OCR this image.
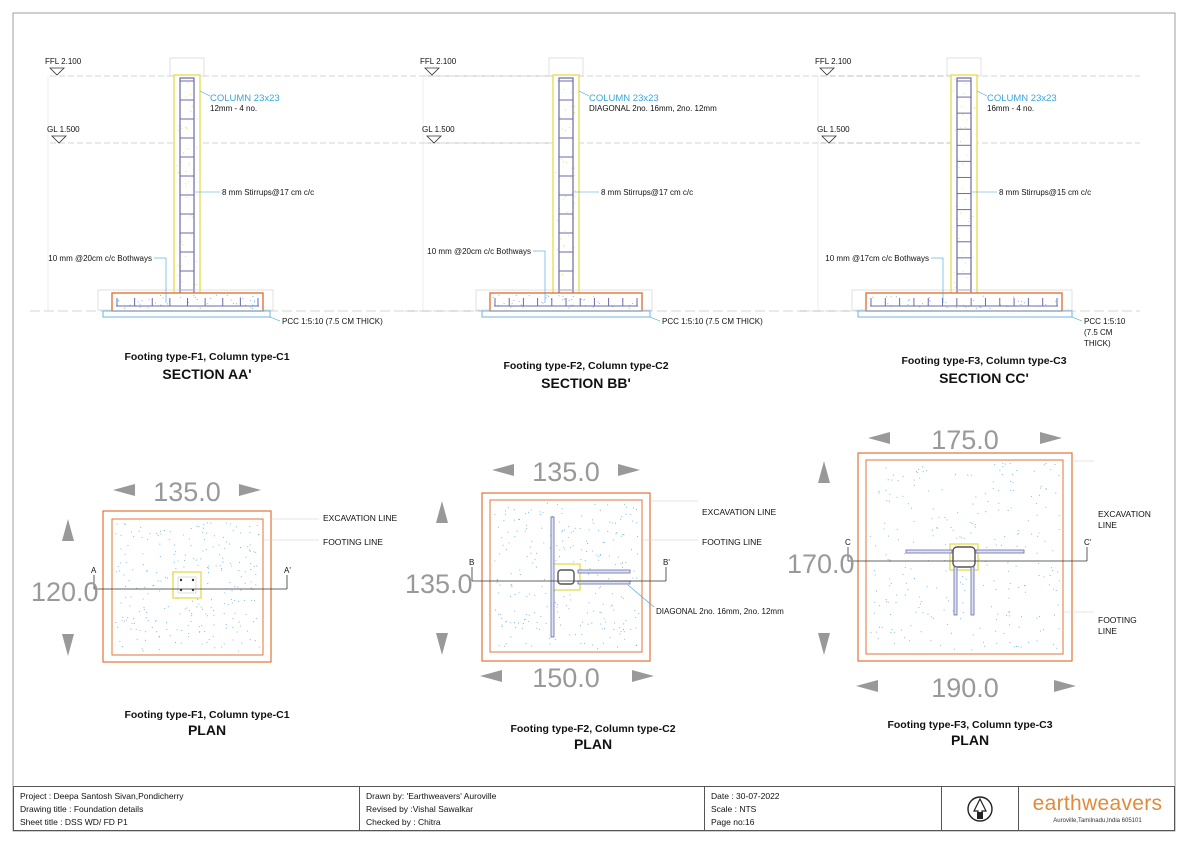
FFL 2.100
GL 1.500
COLUMN 23x23
12mm - 4 no.
8 mm Stirrups@17 cm c/c
10 mm @20cm c/c Bothways
PCC 1:5:10 (7.5 CM THICK)
Footing type-F1, Column type-C1
SECTION AA'
FFL 2.100
GL 1.500
COLUMN 23x23
DIAGONAL 2no. 16mm, 2no. 12mm
8 mm Stirrups@17 cm c/c
10 mm @20cm c/c Bothways
PCC 1:5:10 (7.5 CM THICK)
Footing type-F2, Column type-C2
SECTION BB'
FFL 2.100
GL 1.500
COLUMN 23x23
16mm - 4 no.
8 mm Stirrups@15 cm c/c
10 mm @17cm c/c Bothways
PCC 1:5:10
(7.5 CM
THICK)
Footing type-F3, Column type-C3
SECTION CC'
A	A'
135.0
120.0
EXCAVATION LINE
FOOTING LINE
Footing type-F1, Column type-C1
PLAN
DIAGONAL 2no. 16mm, 2no. 12mm
B	B'
135.0
135.0
150.0
EXCAVATION LINE
FOOTING LINE
Footing type-F2, Column type-C2
PLAN
C	C'
175.0
170.0
190.0
EXCAVATION
LINE
FOOTING
LINE
Footing type-F3, Column type-C3
PLAN
Project : Deepa Santosh Sivan,Pondicherry
Drawing title : Foundation details
Sheet title : DSS WD/ FD P1
Drawn by: 'Earthweavers' Auroville
Revised by :Vishal Sawalkar
Checked by : Chitra
Date : 30-07-2022
Scale : NTS
Page no:16
earthweavers
Auroville,Tamilnadu,India 605101
